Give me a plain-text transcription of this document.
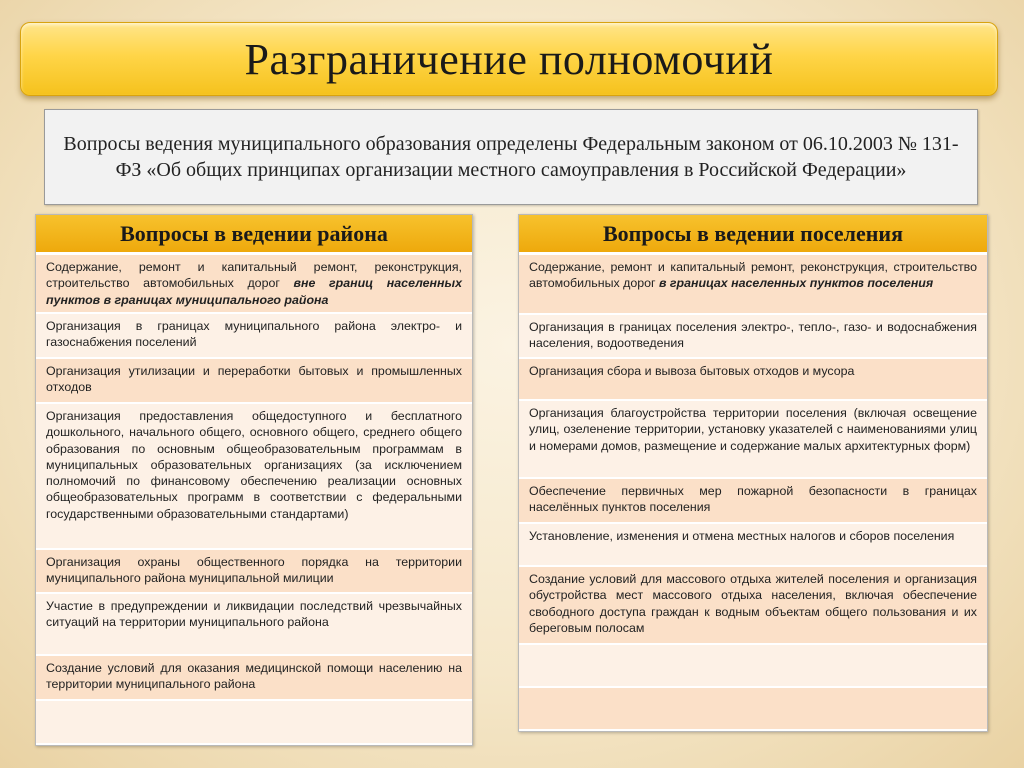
Разграничение полномочий
Вопросы ведения муниципального образования определены Федеральным законом от 06.10.2003 № 131-ФЗ «Об общих принципах организации местного самоуправления в Российской Федерации»
Вопросы в ведении района
Содержание, ремонт и капитальный ремонт, реконструкция, строительство автомобильных дорог вне границ населенных пунктов в границах муниципального района
Организация в границах муниципального района электро- и газоснабжения поселений
Организация утилизации и переработки бытовых и промышленных отходов
Организация предоставления общедоступного и бесплатного дошкольного, начального общего, основного общего, среднего общего образования по основным общеобразовательным программам в муниципальных образовательных организациях (за исключением полномочий по финансовому обеспечению реализации основных общеобразовательных программ в соответствии с федеральными государственными образовательными стандартами)
Организация охраны общественного порядка на территории муниципального района муниципальной милиции
Участие в предупреждении и ликвидации последствий чрезвычайных ситуаций на территории муниципального района
Создание условий для оказания медицинской помощи населению на территории муниципального района
Вопросы в ведении поселения
Содержание, ремонт и капитальный ремонт, реконструкция, строительство автомобильных дорог в границах населенных пунктов поселения
Организация в границах поселения электро-, тепло-, газо- и водоснабжения населения, водоотведения
Организация сбора и вывоза бытовых отходов и мусора
Организация благоустройства территории поселения (включая освещение улиц, озеленение территории, установку указателей с наименованиями улиц и номерами домов, размещение и содержание малых архитектурных форм)
Обеспечение первичных мер пожарной безопасности в границах населённых пунктов поселения
Установление, изменения и отмена местных налогов и сборов поселения
Создание условий для массового отдыха жителей поселения и организация обустройства мест массового отдыха населения, включая обеспечение свободного доступа граждан к водным объектам общего пользования и их береговым полосам
